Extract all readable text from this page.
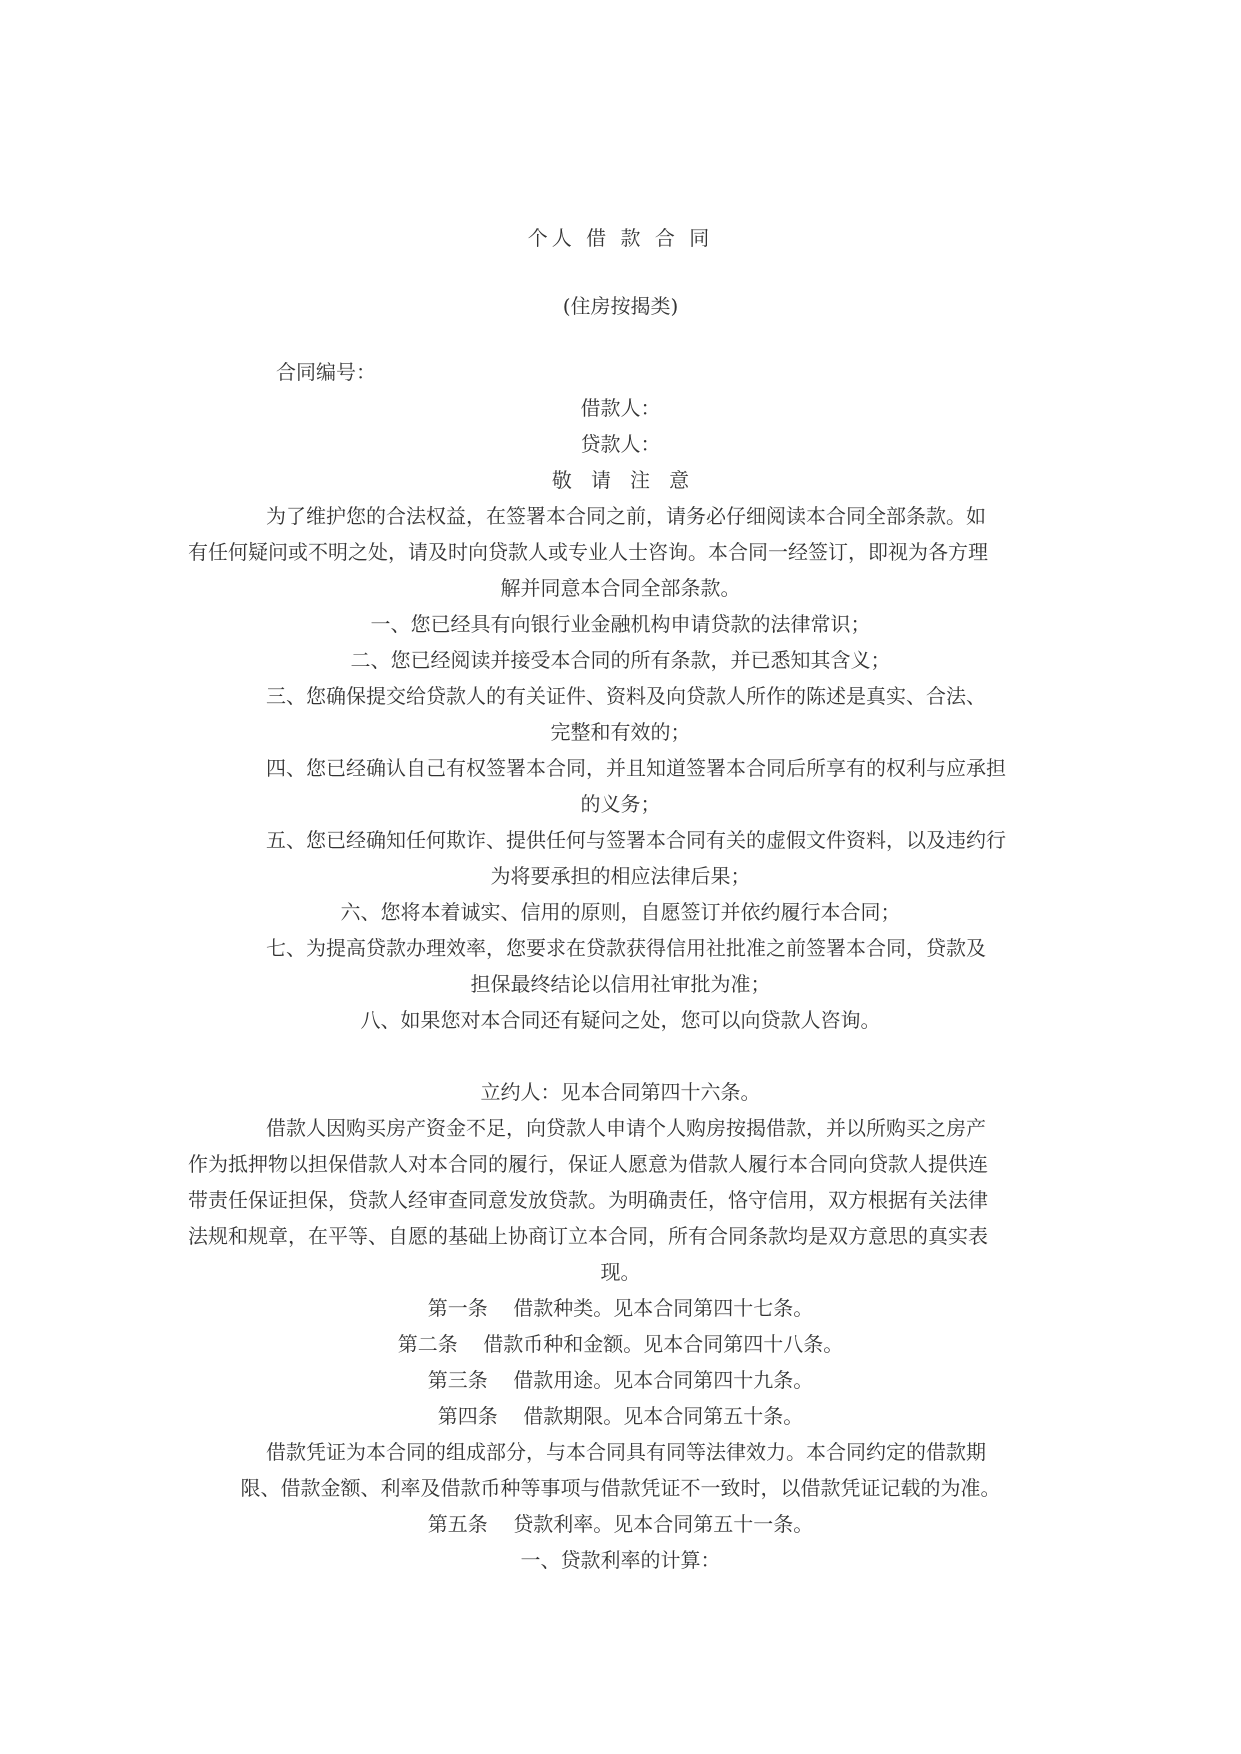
个人 借 款 合 同
(住房按揭类)
合同编号：
借款人：
贷款人：
敬   请   注   意
为了维护您的合法权益，在签署本合同之前，请务必仔细阅读本合同全部条款。如
有任何疑问或不明之处，请及时向贷款人或专业人士咨询。本合同一经签订，即视为各方理
解并同意本合同全部条款。
一、您已经具有向银行业金融机构申请贷款的法律常识；
二、您已经阅读并接受本合同的所有条款，并已悉知其含义；
三、您确保提交给贷款人的有关证件、资料及向贷款人所作的陈述是真实、合法、
完整和有效的；
四、您已经确认自己有权签署本合同，并且知道签署本合同后所享有的权利与应承担
的义务；
五、您已经确知任何欺诈、提供任何与签署本合同有关的虚假文件资料，以及违约行
为将要承担的相应法律后果；
六、您将本着诚实、信用的原则，自愿签订并依约履行本合同；
七、为提高贷款办理效率，您要求在贷款获得信用社批准之前签署本合同，贷款及
担保最终结论以信用社审批为准；
八、如果您对本合同还有疑问之处，您可以向贷款人咨询。
立约人：见本合同第四十六条。
借款人因购买房产资金不足，向贷款人申请个人购房按揭借款，并以所购买之房产
作为抵押物以担保借款人对本合同的履行，保证人愿意为借款人履行本合同向贷款人提供连
带责任保证担保，贷款人经审查同意发放贷款。为明确责任，恪守信用，双方根据有关法律
法规和规章，在平等、自愿的基础上协商订立本合同，所有合同条款均是双方意思的真实表
现。
第一条    借款种类。见本合同第四十七条。
第二条    借款币种和金额。见本合同第四十八条。
第三条    借款用途。见本合同第四十九条。
第四条    借款期限。见本合同第五十条。
借款凭证为本合同的组成部分，与本合同具有同等法律效力。本合同约定的借款期
限、借款金额、利率及借款币种等事项与借款凭证不一致时，以借款凭证记载的为准。
第五条    贷款利率。见本合同第五十一条。
一、贷款利率的计算：
